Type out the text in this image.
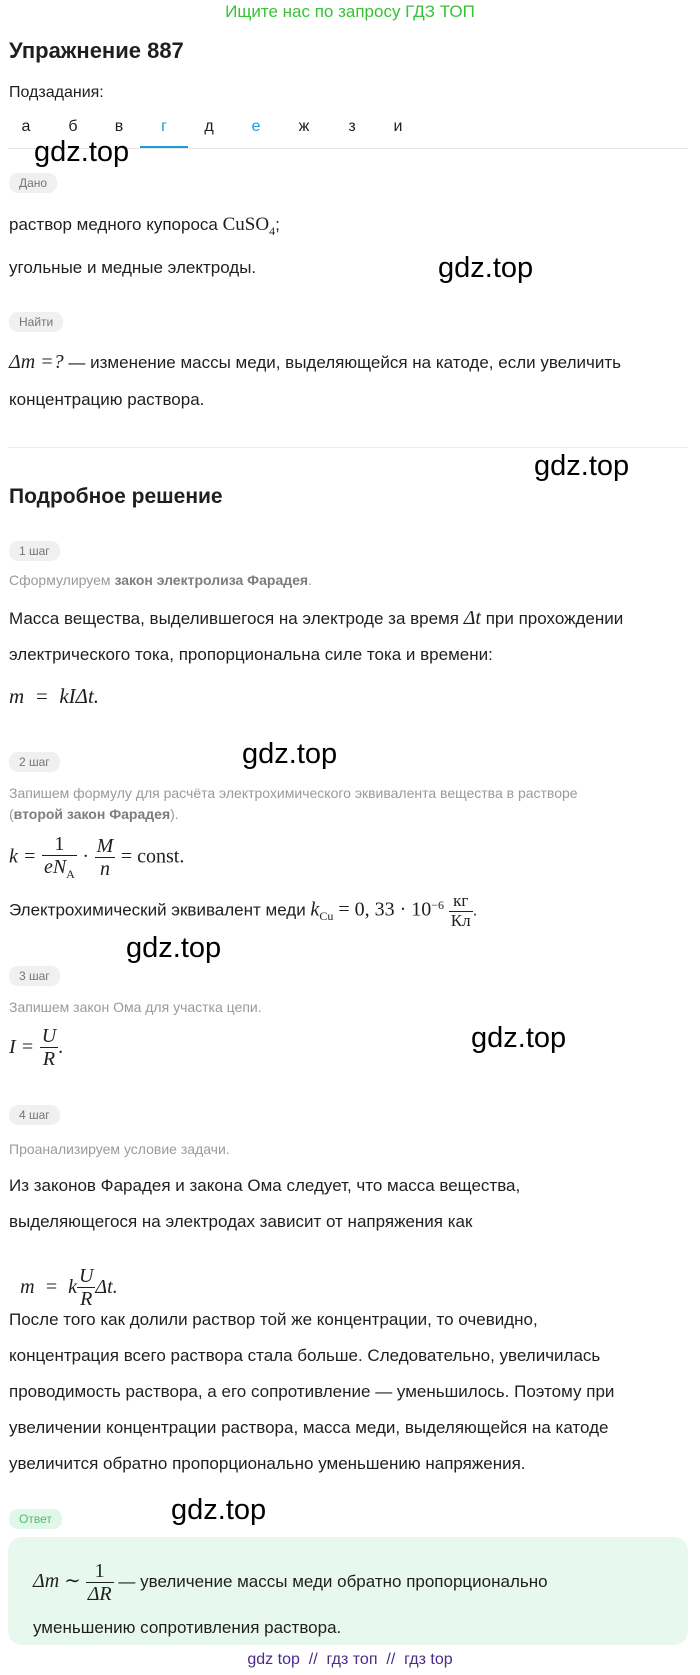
Ищите нас по запросу ГДЗ ТОП
Упражнение 887
Подзадания:
а	б	в	г	д	е	ж	з	и
gdz.top
gdz.top
gdz.top
gdz.top
gdz.top
gdz.top
gdz.top
Дано
раствор медного купороса CuSO$_4$;
угольные и медные электроды.
Найти
Δm =? — изменение массы меди, выделяющейся на катоде, если увеличить
концентрацию раствора.
Подробное решение
1 шаг
Сформулируем закон электролиза Фарадея.
Масса вещества, выделившегося на электроде за время Δt при прохождении
электрического тока, пропорциональна силе тока и времени:
m  =  kIΔt.
2 шаг
Запишем формулу для расчёта электрохимического эквивалента вещества в растворе
(второй закон Фарадея).
$k = \frac{1}{eN_A} \cdot \frac{M}{n}$ = const.
Электрохимический эквивалент меди $k_{Cu} = 0$, $33 \cdot 10^{-6} \frac{кг}{Кл}$ .
3 шаг
Запишем закон Ома для участка цепи.
$I = \frac{U}{R}$ .
4 шаг
Проанализируем условие задачи.
Из законов Фарадея и закона Ома следует, что масса вещества,
выделяющегося на электродах зависит от напряжения как

m  =  k $\frac{U}{R} \Delta t$.

После того как долили раствор той же концентрации, то очевидно,
концентрация всего раствора стала больше. Следовательно, увеличилась
проводимость раствора, а его сопротивление — уменьшилось. Поэтому при
увеличении концентрации раствора, масса меди, выделяющейся на катоде
увеличится обратно пропорционально уменьшению напряжения.
Ответ
Δm ∼ $\frac{1}{\Delta R}$ — увеличение массы меди обратно пропорционально
уменьшению сопротивления раствора.
gdz top  //  гдз топ  //  гдз top
